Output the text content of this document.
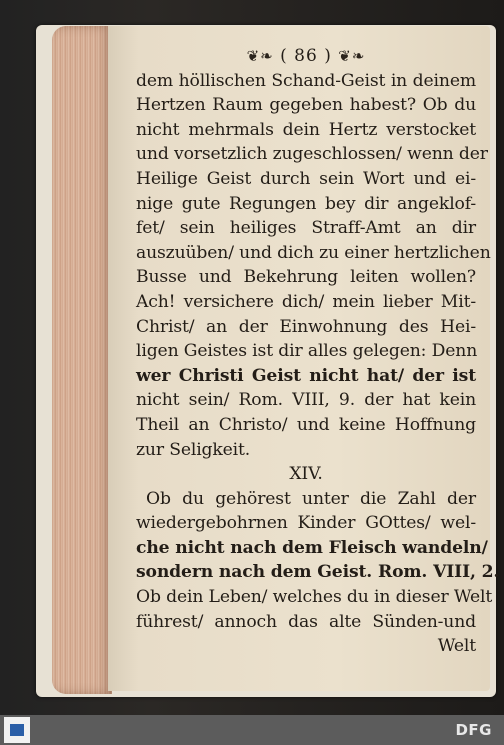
❦❧ ( 86 ) ❦❧
dem höllischen Schand-Geist in deinem
Hertzen Raum gegeben habest? Ob du
nicht mehrmals dein Hertz verstocket
und vorsetzlich zugeschlossen/ wenn der
Heilige Geist durch sein Wort und ei-
nige gute Regungen bey dir angeklof-
fet/ sein heiliges Straff-Amt an dir
auszuüben/ und dich zu einer hertzlichen
Busse und Bekehrung leiten wollen?
Ach! versichere dich/ mein lieber Mit-
Christ/ an der Einwohnung des Hei-
ligen Geistes ist dir alles gelegen: Denn
wer Christi Geist nicht hat/ der ist
nicht sein/ Rom. VIII, 9. der hat kein
Theil an Christo/ und keine Hoffnung
zur Seligkeit.
XIV.
Ob du gehörest unter die Zahl der
wiedergebohrnen Kinder GOttes/ wel-
che nicht nach dem Fleisch wandeln/
sondern nach dem Geist. Rom. VIII, 2.
Ob dein Leben/ welches du in dieser Welt
führest/ annoch das alte Sünden-und
Welt
DFG
